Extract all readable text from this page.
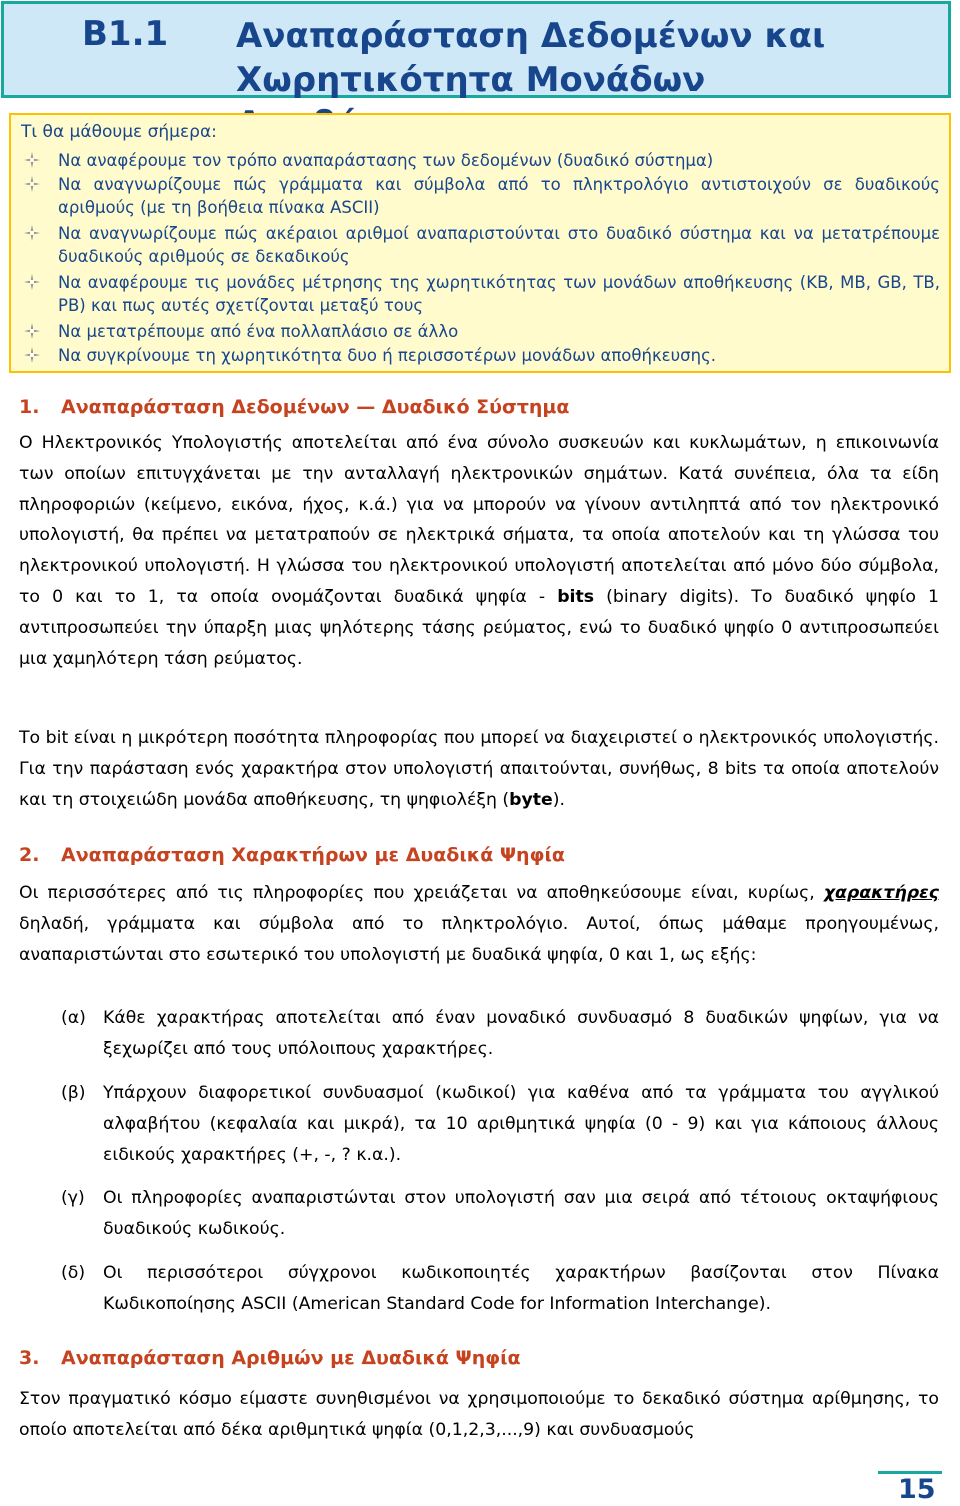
B1.1 Αναπαράσταση Δεδομένων και Χωρητικότητα Μονάδων
Τι θα μάθουμε σήμερα:
Να αναφέρουμε τον τρόπο αναπαράστασης των δεδομένων (δυαδικό σύστημα)
Να αναγνωρίζουμε πώς γράμματα και σύμβολα από το πληκτρολόγιο αντιστοιχούν σε δυαδικούς αριθμούς (με τη βοήθεια πίνακα ASCII)
Να αναγνωρίζουμε πώς ακέραιοι αριθμοί αναπαριστούνται στο δυαδικό σύστημα και να μετατρέπουμε δυαδικούς αριθμούς σε δεκαδικούς
Να αναφέρουμε τις μονάδες μέτρησης της χωρητικότητας των μονάδων αποθήκευσης (KB, MB, GB, TB, PB) και πως αυτές σχετίζονται μεταξύ τους
Να μετατρέπουμε από ένα πολλαπλάσιο σε άλλο
Να συγκρίνουμε τη χωρητικότητα δυο ή περισσοτέρων μονάδων αποθήκευσης.
1. Αναπαράσταση Δεδομένων — Δυαδικό Σύστημα

Ο Ηλεκτρονικός Υπολογιστής αποτελείται από ένα σύνολο συσκευών και κυκλωμάτων, η επικοινωνία των οποίων επιτυγχάνεται με την ανταλλαγή ηλεκτρονικών σημάτων. Κατά συνέπεια, όλα τα είδη πληροφοριών (κείμενο, εικόνα, ήχος, κ.ά.) για να μπορούν να γίνουν αντιληπτά από τον ηλεκτρονικό υπολογιστή, θα πρέπει να μετατραπούν σε ηλεκτρικά σήματα, τα οποία αποτελούν και τη γλώσσα του ηλεκτρονικού υπολογιστή. Η γλώσσα του ηλεκτρονικού υπολογιστή αποτελείται από μόνο δύο σύμβολα, το 0 και το 1, τα οποία ονομάζονται δυαδικά ψηφία - bits (binary digits). Το δυαδικό ψηφίο 1 αντιπροσωπεύει την ύπαρξη μιας ψηλότερης τάσης ρεύματος, ενώ το δυαδικό ψηφίο 0 αντιπροσωπεύει μια χαμηλότερη τάση ρεύματος.

Το bit είναι η μικρότερη ποσότητα πληροφορίας που μπορεί να διαχειριστεί ο ηλεκτρονικός υπολογιστής. Για την παράσταση ενός χαρακτήρα στον υπολογιστή απαιτούνται, συνήθως, 8 bits τα οποία αποτελούν και τη στοιχειώδη μονάδα αποθήκευσης, τη ψηφιολέξη (byte).

2. Αναπαράσταση Χαρακτήρων με Δυαδικά Ψηφία

Οι περισσότερες από τις πληροφορίες που χρειάζεται να αποθηκεύσουμε είναι, κυρίως, χαρακτήρες δηλαδή, γράμματα και σύμβολα από το πληκτρολόγιο. Αυτοί, όπως μάθαμε προηγουμένως, αναπαριστώνται στο εσωτερικό του υπολογιστή με δυαδικά ψηφία, 0 και 1, ως εξής:

(α) Κάθε χαρακτήρας αποτελείται από έναν μοναδικό συνδυασμό 8 δυαδικών ψηφίων, για να ξεχωρίζει από τους υπόλοιπους χαρακτήρες.
(β) Υπάρχουν διαφορετικοί συνδυασμοί (κωδικοί) για καθένα από τα γράμματα του αγγλικού αλφαβήτου (κεφαλαία και μικρά), τα 10 αριθμητικά ψηφία (0 - 9) και για κάποιους άλλους ειδικούς χαρακτήρες (+, -, ? κ.α.).
(γ) Οι πληροφορίες αναπαριστώνται στον υπολογιστή σαν μια σειρά από τέτοιους οκταψήφιους δυαδικούς κωδικούς.
(δ) Οι περισσότεροι σύγχρονοι κωδικοποιητές χαρακτήρων βασίζονται στον Πίνακα Κωδικοποίησης ASCII (American Standard Code for Information Interchange).
3. Αναπαράσταση Αριθμών με Δυαδικά Ψηφία

Στον πραγματικό κόσμο είμαστε συνηθισμένοι να χρησιμοποιούμε το δεκαδικό σύστημα αρίθμησης, το οποίο αποτελείται από δέκα αριθμητικά ψηφία (0,1,2,3,...,9) και συνδυασμούς

15
